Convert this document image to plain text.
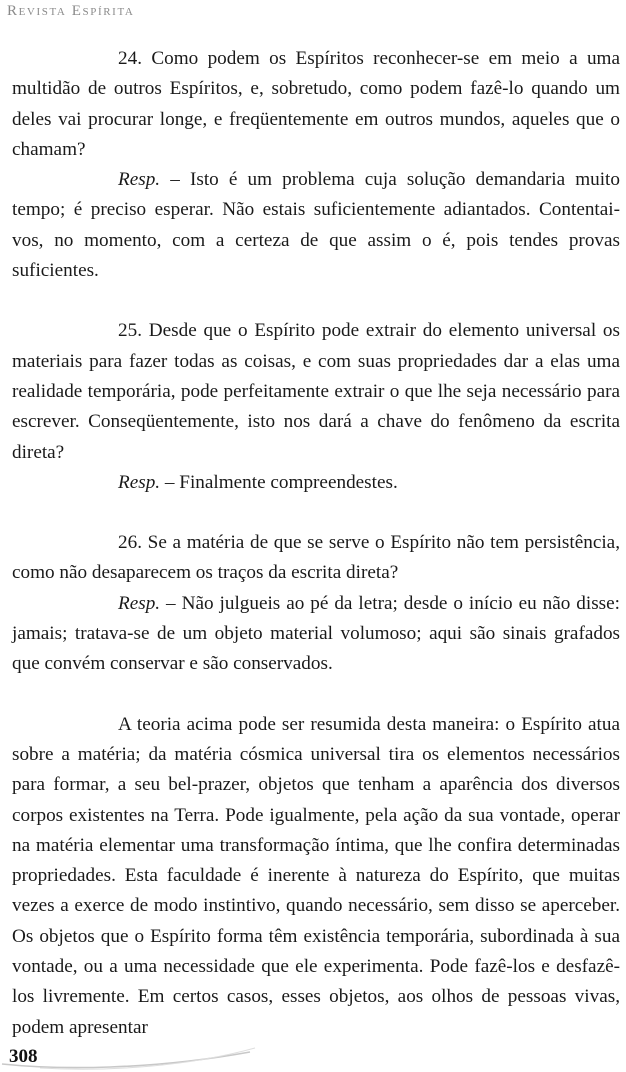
Revista Espírita

24. Como podem os Espíritos reconhecer-se em meio a uma multidão de outros Espíritos, e, sobretudo, como podem fazê-lo quando um deles vai procurar longe, e freqüentemente em outros mundos, aqueles que o chamam?

Resp. – Isto é um problema cuja solução demandaria muito tempo; é preciso esperar. Não estais suficientemente adiantados. Contentai-vos, no momento, com a certeza de que assim o é, pois tendes provas suficientes.

25. Desde que o Espírito pode extrair do elemento universal os materiais para fazer todas as coisas, e com suas propriedades dar a elas uma realidade temporária, pode perfeitamente extrair o que lhe seja necessário para escrever. Conseqüentemente, isto nos dará a chave do fenômeno da escrita direta?

Resp. – Finalmente compreendestes.

26. Se a matéria de que se serve o Espírito não tem persistência, como não desaparecem os traços da escrita direta?

Resp. – Não julgueis ao pé da letra; desde o início eu não disse: jamais; tratava-se de um objeto material volumoso; aqui são sinais grafados que convém conservar e são conservados.

A teoria acima pode ser resumida desta maneira: o Espírito atua sobre a matéria; da matéria cósmica universal tira os elementos necessários para formar, a seu bel-prazer, objetos que tenham a aparência dos diversos corpos existentes na Terra. Pode igualmente, pela ação da sua vontade, operar na matéria elementar uma transformação íntima, que lhe confira determinadas propriedades. Esta faculdade é inerente à natureza do Espírito, que muitas vezes a exerce de modo instintivo, quando necessário, sem disso se aperceber. Os objetos que o Espírito forma têm existência temporária, subordinada à sua vontade, ou a uma necessidade que ele experimenta. Pode fazê-los e desfazê-los livremente. Em certos casos, esses objetos, aos olhos de pessoas vivas, podem apresentar

308
